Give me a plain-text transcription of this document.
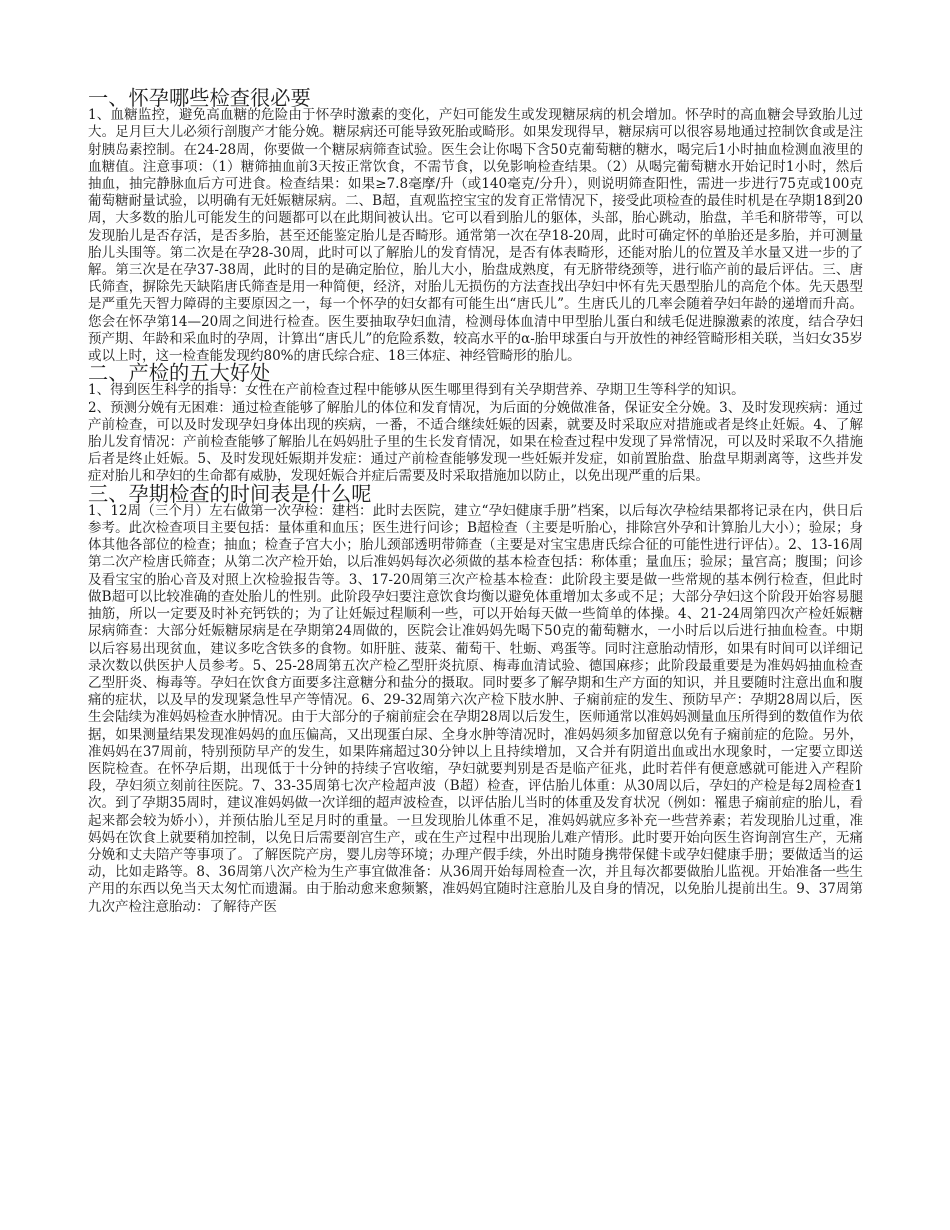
一、怀孕哪些检查很必要

1、血糖监控，避免高血糖的危险由于怀孕时激素的变化，产妇可能发生或发现糖尿病的机会增加。怀孕时的高血糖会导致胎儿过大。足月巨大儿必须行剖腹产才能分娩。糖尿病还可能导致死胎或畸形。如果发现得早，糖尿病可以很容易地通过控制饮食或是注射胰岛素控制。在24-28周，你要做一个糖尿病筛查试验。医生会让你喝下含50克葡萄糖的糖水，喝完后1小时抽血检测血液里的血糖值。注意事项：（1）糖筛抽血前3天按正常饮食，不需节食，以免影响检查结果。（2）从喝完葡萄糖水开始记时1小时，然后抽血，抽完静脉血后方可进食。检查结果：如果≥7.8毫摩/升（或140毫克/分升），则说明筛查阳性，需进一步进行75克或100克葡萄糖耐量试验，以明确有无妊娠糖尿病。二、B超，直观监控宝宝的发育正常情况下，接受此项检查的最佳时机是在孕期18到20周，大多数的胎儿可能发生的问题都可以在此期间被认出。它可以看到胎儿的躯体，头部，胎心跳动，胎盘，羊毛和脐带等，可以发现胎儿是否存活，是否多胎，甚至还能鉴定胎儿是否畸形。通常第一次在孕18-20周，此时可确定怀的单胎还是多胎，并可测量胎儿头围等。第二次是在孕28-30周，此时可以了解胎儿的发育情况，是否有体表畸形，还能对胎儿的位置及羊水量又进一步的了解。第三次是在孕37-38周，此时的目的是确定胎位，胎儿大小，胎盘成熟度，有无脐带绕颈等，进行临产前的最后评估。三、唐氏筛查，摒除先天缺陷唐氏筛查是用一种简便，经济，对胎儿无损伤的方法查找出孕妇中怀有先天愚型胎儿的高危个体。先天愚型是严重先天智力障碍的主要原因之一，每一个怀孕的妇女都有可能生出“唐氏儿”。生唐氏儿的几率会随着孕妇年龄的递增而升高。您会在怀孕第14—20周之间进行检查。医生要抽取孕妇血清，检测母体血清中甲型胎儿蛋白和绒毛促进腺激素的浓度，结合孕妇预产期、年龄和采血时的孕周，计算出“唐氏儿”的危险系数，较高水平的α-胎甲球蛋白与开放性的神经管畸形相关联，当妇女35岁或以上时，这一检查能发现约80%的唐氏综合症、18三体症、神经管畸形的胎儿。

二、产检的五大好处

1、得到医生科学的指导：女性在产前检查过程中能够从医生哪里得到有关孕期营养、孕期卫生等科学的知识。

2、预测分娩有无困难：通过检查能够了解胎儿的体位和发育情况，为后面的分娩做准备，保证安全分娩。3、及时发现疾病：通过产前检查，可以及时发现孕妇身体出现的疾病，一番，不适合继续妊娠的因素，就要及时采取应对措施或者是终止妊娠。4、了解胎儿发育情况：产前检查能够了解胎儿在妈妈肚子里的生长发育情况，如果在检查过程中发现了异常情况，可以及时采取不久措施后者是终止妊娠。5、及时发现妊娠期并发症：通过产前检查能够发现一些妊娠并发症，如前置胎盘、胎盘早期剥离等，这些并发症对胎儿和孕妇的生命都有威胁，发现妊娠合并症后需要及时采取措施加以防止，以免出现严重的后果。

三、孕期检查的时间表是什么呢

1、12周（三个月）左右做第一次孕检：建档：此时去医院，建立“孕妇健康手册”档案，以后每次孕检结果都将记录在内，供日后参考。此次检查项目主要包括：量体重和血压；医生进行问诊；B超检查（主要是听胎心，排除宫外孕和计算胎儿大小）；验尿；身体其他各部位的检查；抽血；检查子宫大小；胎儿颈部透明带筛查（主要是对宝宝患唐氏综合征的可能性进行评估）。2、13-16周第二次产检唐氏筛查；从第二次产检开始，以后准妈妈每次必须做的基本检查包括：称体重；量血压；验尿；量宫高；腹围；问诊及看宝宝的胎心音及对照上次检验报告等。3、17-20周第三次产检基本检查：此阶段主要是做一些常规的基本例行检查，但此时做B超可以比较准确的查处胎儿的性别。此阶段孕妇要注意饮食均衡以避免体重增加太多或不足；大部分孕妇这个阶段开始容易腿抽筋，所以一定要及时补充钙铁的；为了让妊娠过程顺利一些，可以开始每天做一些简单的体操。4、21-24周第四次产检妊娠糖尿病筛查：大部分妊娠糖尿病是在孕期第24周做的，医院会让准妈妈先喝下50克的葡萄糖水，一小时后以后进行抽血检查。中期以后容易出现贫血，建议多吃含铁多的食物。如肝脏、菠菜、葡萄干、牡蛎、鸡蛋等。同时注意胎动情形，如果有时间可以详细记录次数以供医护人员参考。5、25-28周第五次产检乙型肝炎抗原、梅毒血清试验、德国麻疹；此阶段最重要是为准妈妈抽血检查乙型肝炎、梅毒等。孕妇在饮食方面要多注意糖分和盐分的摄取。同时要多了解孕期和生产方面的知识，并且要随时注意出血和腹痛的症状，以及早的发现紧急性早产等情况。6、29-32周第六次产检下肢水肿、子痫前症的发生、预防早产：孕期28周以后，医生会陆续为准妈妈检查水肿情况。由于大部分的子痫前症会在孕期28周以后发生，医师通常以准妈妈测量血压所得到的数值作为依据，如果测量结果发现准妈妈的血压偏高，又出现蛋白尿、全身水肿等清况时，准妈妈须多加留意以免有子痫前症的危险。另外，准妈妈在37周前，特别预防早产的发生，如果阵痛超过30分钟以上且持续增加，又合并有阴道出血或出水现象时，一定要立即送医院检查。在怀孕后期，出现低于十分钟的持续子宫收缩，孕妇就要判别是否是临产征兆，此时若伴有便意感就可能进入产程阶段，孕妇须立刻前往医院。7、33-35周第七次产检超声波（B超）检查，评估胎儿体重：从30周以后，孕妇的产检是每2周检查1次。到了孕期35周时，建议准妈妈做一次详细的超声波检查，以评估胎儿当时的体重及发育状况（例如：罹患子痫前症的胎儿，看起来都会较为娇小），并预估胎儿至足月时的重量。一旦发现胎儿体重不足，准妈妈就应多补充一些营养素；若发现胎儿过重，准妈妈在饮食上就要稍加控制，以免日后需要剖宫生产，或在生产过程中出现胎儿难产情形。此时要开始向医生咨询剖宫生产，无痛分娩和丈夫陪产等事项了。了解医院产房，婴儿房等环境；办理产假手续，外出时随身携带保健卡或孕妇健康手册；要做适当的运动，比如走路等。8、36周第八次产检为生产事宜做准备：从36周开始每周检查一次，并且每次都要做胎儿监视。开始准备一些生产用的东西以免当天太匆忙而遗漏。由于胎动愈来愈频繁，准妈妈宜随时注意胎儿及自身的情况，以免胎儿提前出生。9、37周第九次产检注意胎动：了解待产医
